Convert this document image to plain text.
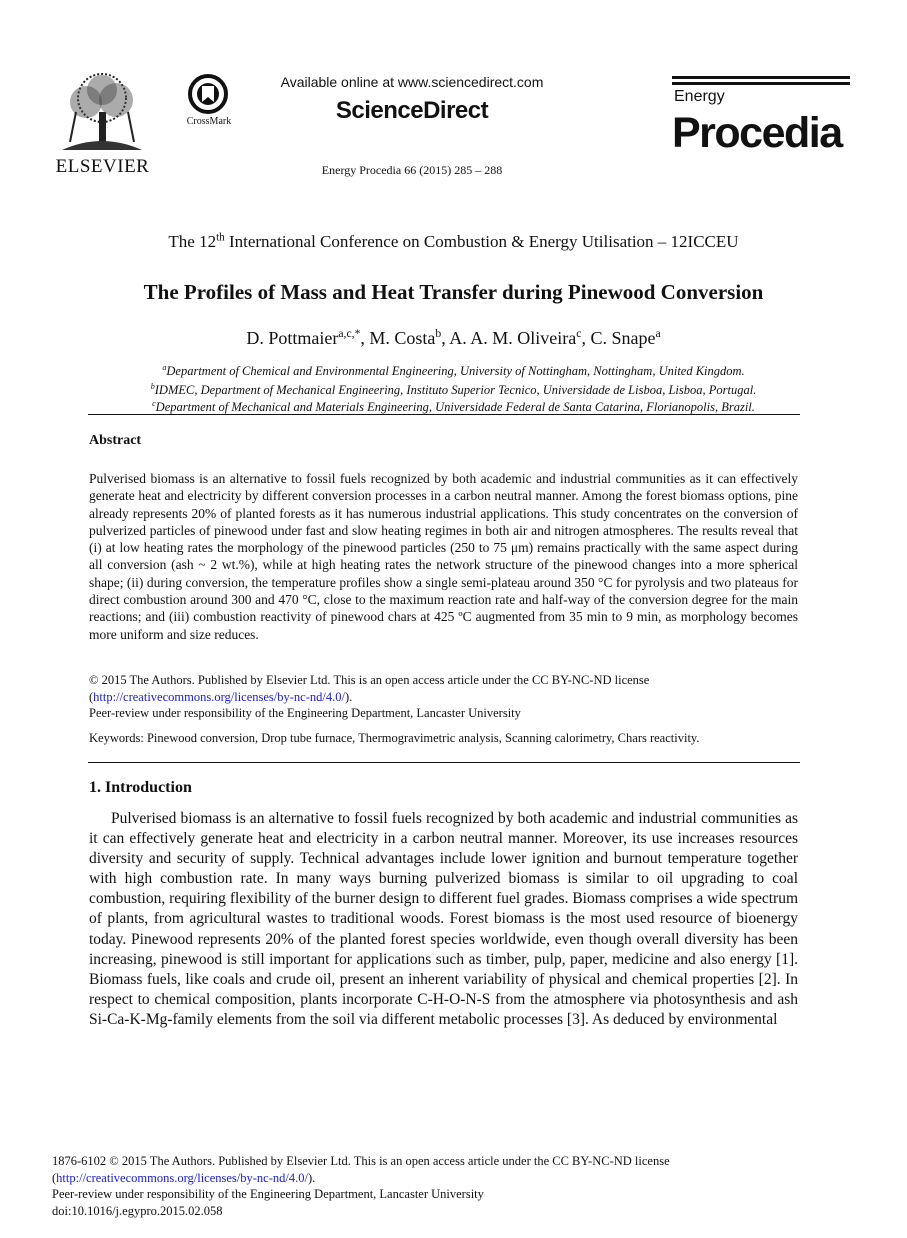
ELSEVIER
CrossMark
Available online at www.sciencedirect.com
ScienceDirect
Energy Procedia 66 (2015) 285 – 288
Energy
Procedia
The 12th International Conference on Combustion & Energy Utilisation – 12ICCEU
The Profiles of Mass and Heat Transfer during Pinewood Conversion
D. Pottmaier$^{a,c,*}$, M. Costa$^b$, A. A. M. Oliveira$^c$, C. Snape$^a$
$^a$Department of Chemical and Environmental Engineering, University of Nottingham, Nottingham, United Kingdom.
$^b$IDMEC, Department of Mechanical Engineering, Instituto Superior Tecnico, Universidade de Lisboa, Lisboa, Portugal.
$^c$Department of Mechanical and Materials Engineering, Universidade Federal de Santa Catarina, Florianopolis, Brazil.
Abstract
Pulverised biomass is an alternative to fossil fuels recognized by both academic and industrial communities as it can effectively generate heat and electricity by different conversion processes in a carbon neutral manner. Among the forest biomass options, pine already represents 20% of planted forests as it has numerous industrial applications. This study concentrates on the conversion of pulverized particles of pinewood under fast and slow heating regimes in both air and nitrogen atmospheres. The results reveal that (i) at low heating rates the morphology of the pinewood particles (250 to 75 μm) remains practically with the same aspect during all conversion (ash ~ 2 wt.%), while at high heating rates the network structure of the pinewood changes into a more spherical shape; (ii) during conversion, the temperature profiles show a single semi-plateau around 350 °C for pyrolysis and two plateaus for direct combustion around 300 and 470 °C, close to the maximum reaction rate and half-way of the conversion degree for the main reactions; and (iii) combustion reactivity of pinewood chars at 425 ºC augmented from 35 min to 9 min, as morphology becomes more uniform and size reduces.
© 2015 The Authors. Published by Elsevier Ltd. This is an open access article under the CC BY-NC-ND license
(http://creativecommons.org/licenses/by-nc-nd/4.0/).
Peer-review under responsibility of the Engineering Department, Lancaster University
Keywords: Pinewood conversion, Drop tube furnace, Thermogravimetric analysis, Scanning calorimetry, Chars reactivity.
1. Introduction
Pulverised biomass is an alternative to fossil fuels recognized by both academic and industrial communities as it can effectively generate heat and electricity in a carbon neutral manner. Moreover, its use increases resources diversity and security of supply. Technical advantages include lower ignition and burnout temperature together with high combustion rate. In many ways burning pulverized biomass is similar to oil upgrading to coal combustion, requiring flexibility of the burner design to different fuel grades. Biomass comprises a wide spectrum of plants, from agricultural wastes to traditional woods. Forest biomass is the most used resource of bioenergy today. Pinewood represents 20% of the planted forest species worldwide, even though overall diversity has been increasing, pinewood is still important for applications such as timber, pulp, paper, medicine and also energy [1]. Biomass fuels, like coals and crude oil, present an inherent variability of physical and chemical properties [2]. In respect to chemical composition, plants incorporate C-H-O-N-S from the atmosphere via photosynthesis and ash Si-Ca-K-Mg-family elements from the soil via different metabolic processes [3]. As deduced by environmental
1876-6102 © 2015 The Authors. Published by Elsevier Ltd. This is an open access article under the CC BY-NC-ND license
(http://creativecommons.org/licenses/by-nc-nd/4.0/).
Peer-review under responsibility of the Engineering Department, Lancaster University
doi:10.1016/j.egypro.2015.02.058
